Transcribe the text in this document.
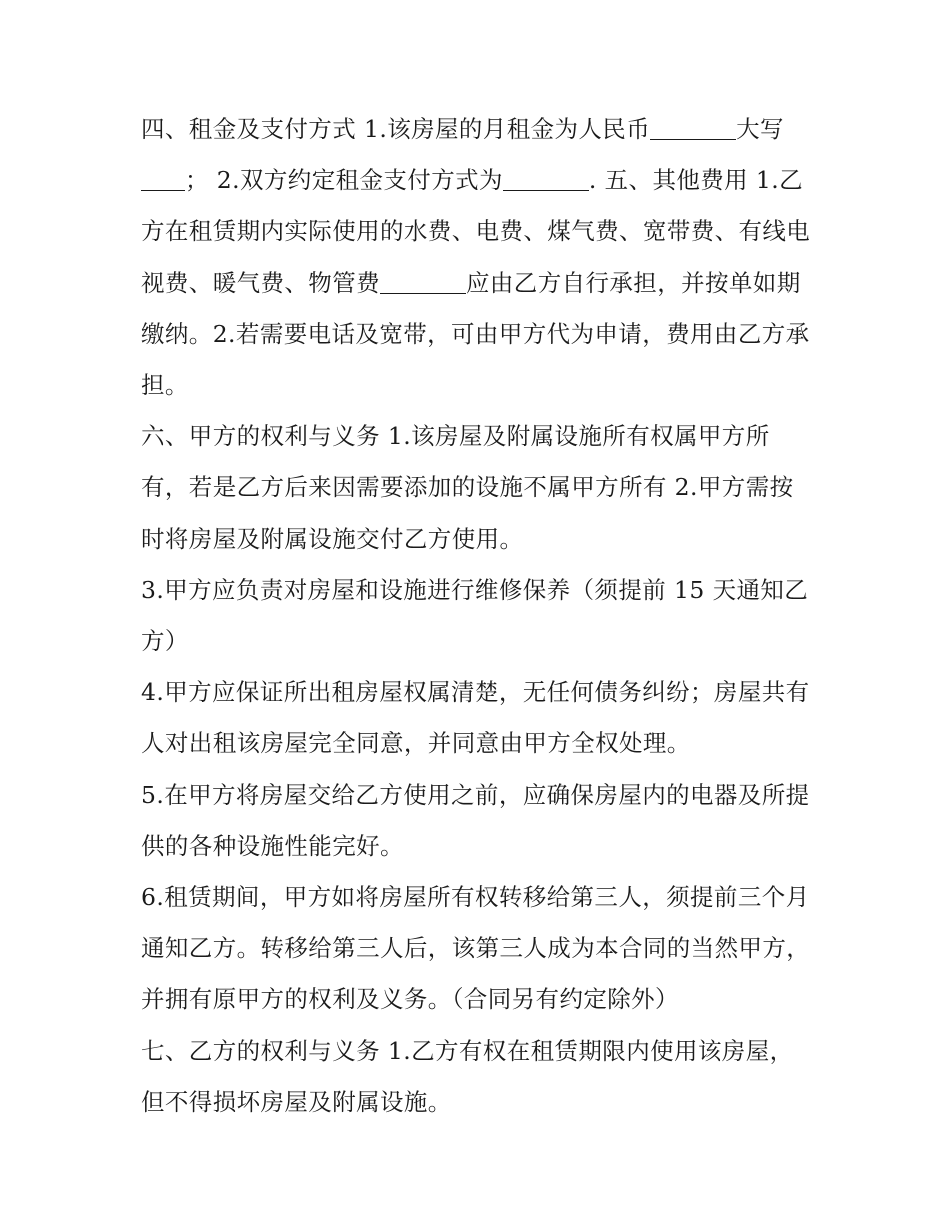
四、租金及支付方式 1.该房屋的月租金为人民币	大写； 2.双方约定租金支付方式为	. 五、其他费用 1.乙方在租赁期内实际使用的水费、电费、煤气费、宽带费、有线电视费、暖气费、物管费	应由乙方自行承担，并按单如期缴纳。2.若需要电话及宽带，可由甲方代为申请，费用由乙方承担。

六、甲方的权利与义务 1.该房屋及附属设施所有权属甲方所有，若是乙方后来因需要添加的设施不属甲方所有 2.甲方需按时将房屋及附属设施交付乙方使用。

3.甲方应负责对房屋和设施进行维修保养（须提前 15 天通知乙方）

4.甲方应保证所出租房屋权属清楚，无任何债务纠纷；房屋共有人对出租该房屋完全同意，并同意由甲方全权处理。

5.在甲方将房屋交给乙方使用之前，应确保房屋内的电器及所提供的各种设施性能完好。

6.租赁期间，甲方如将房屋所有权转移给第三人，须提前三个月通知乙方。转移给第三人后，该第三人成为本合同的当然甲方，并拥有原甲方的权利及义务。（合同另有约定除外）

七、乙方的权利与义务 1.乙方有权在租赁期限内使用该房屋，但不得损坏房屋及附属设施。
